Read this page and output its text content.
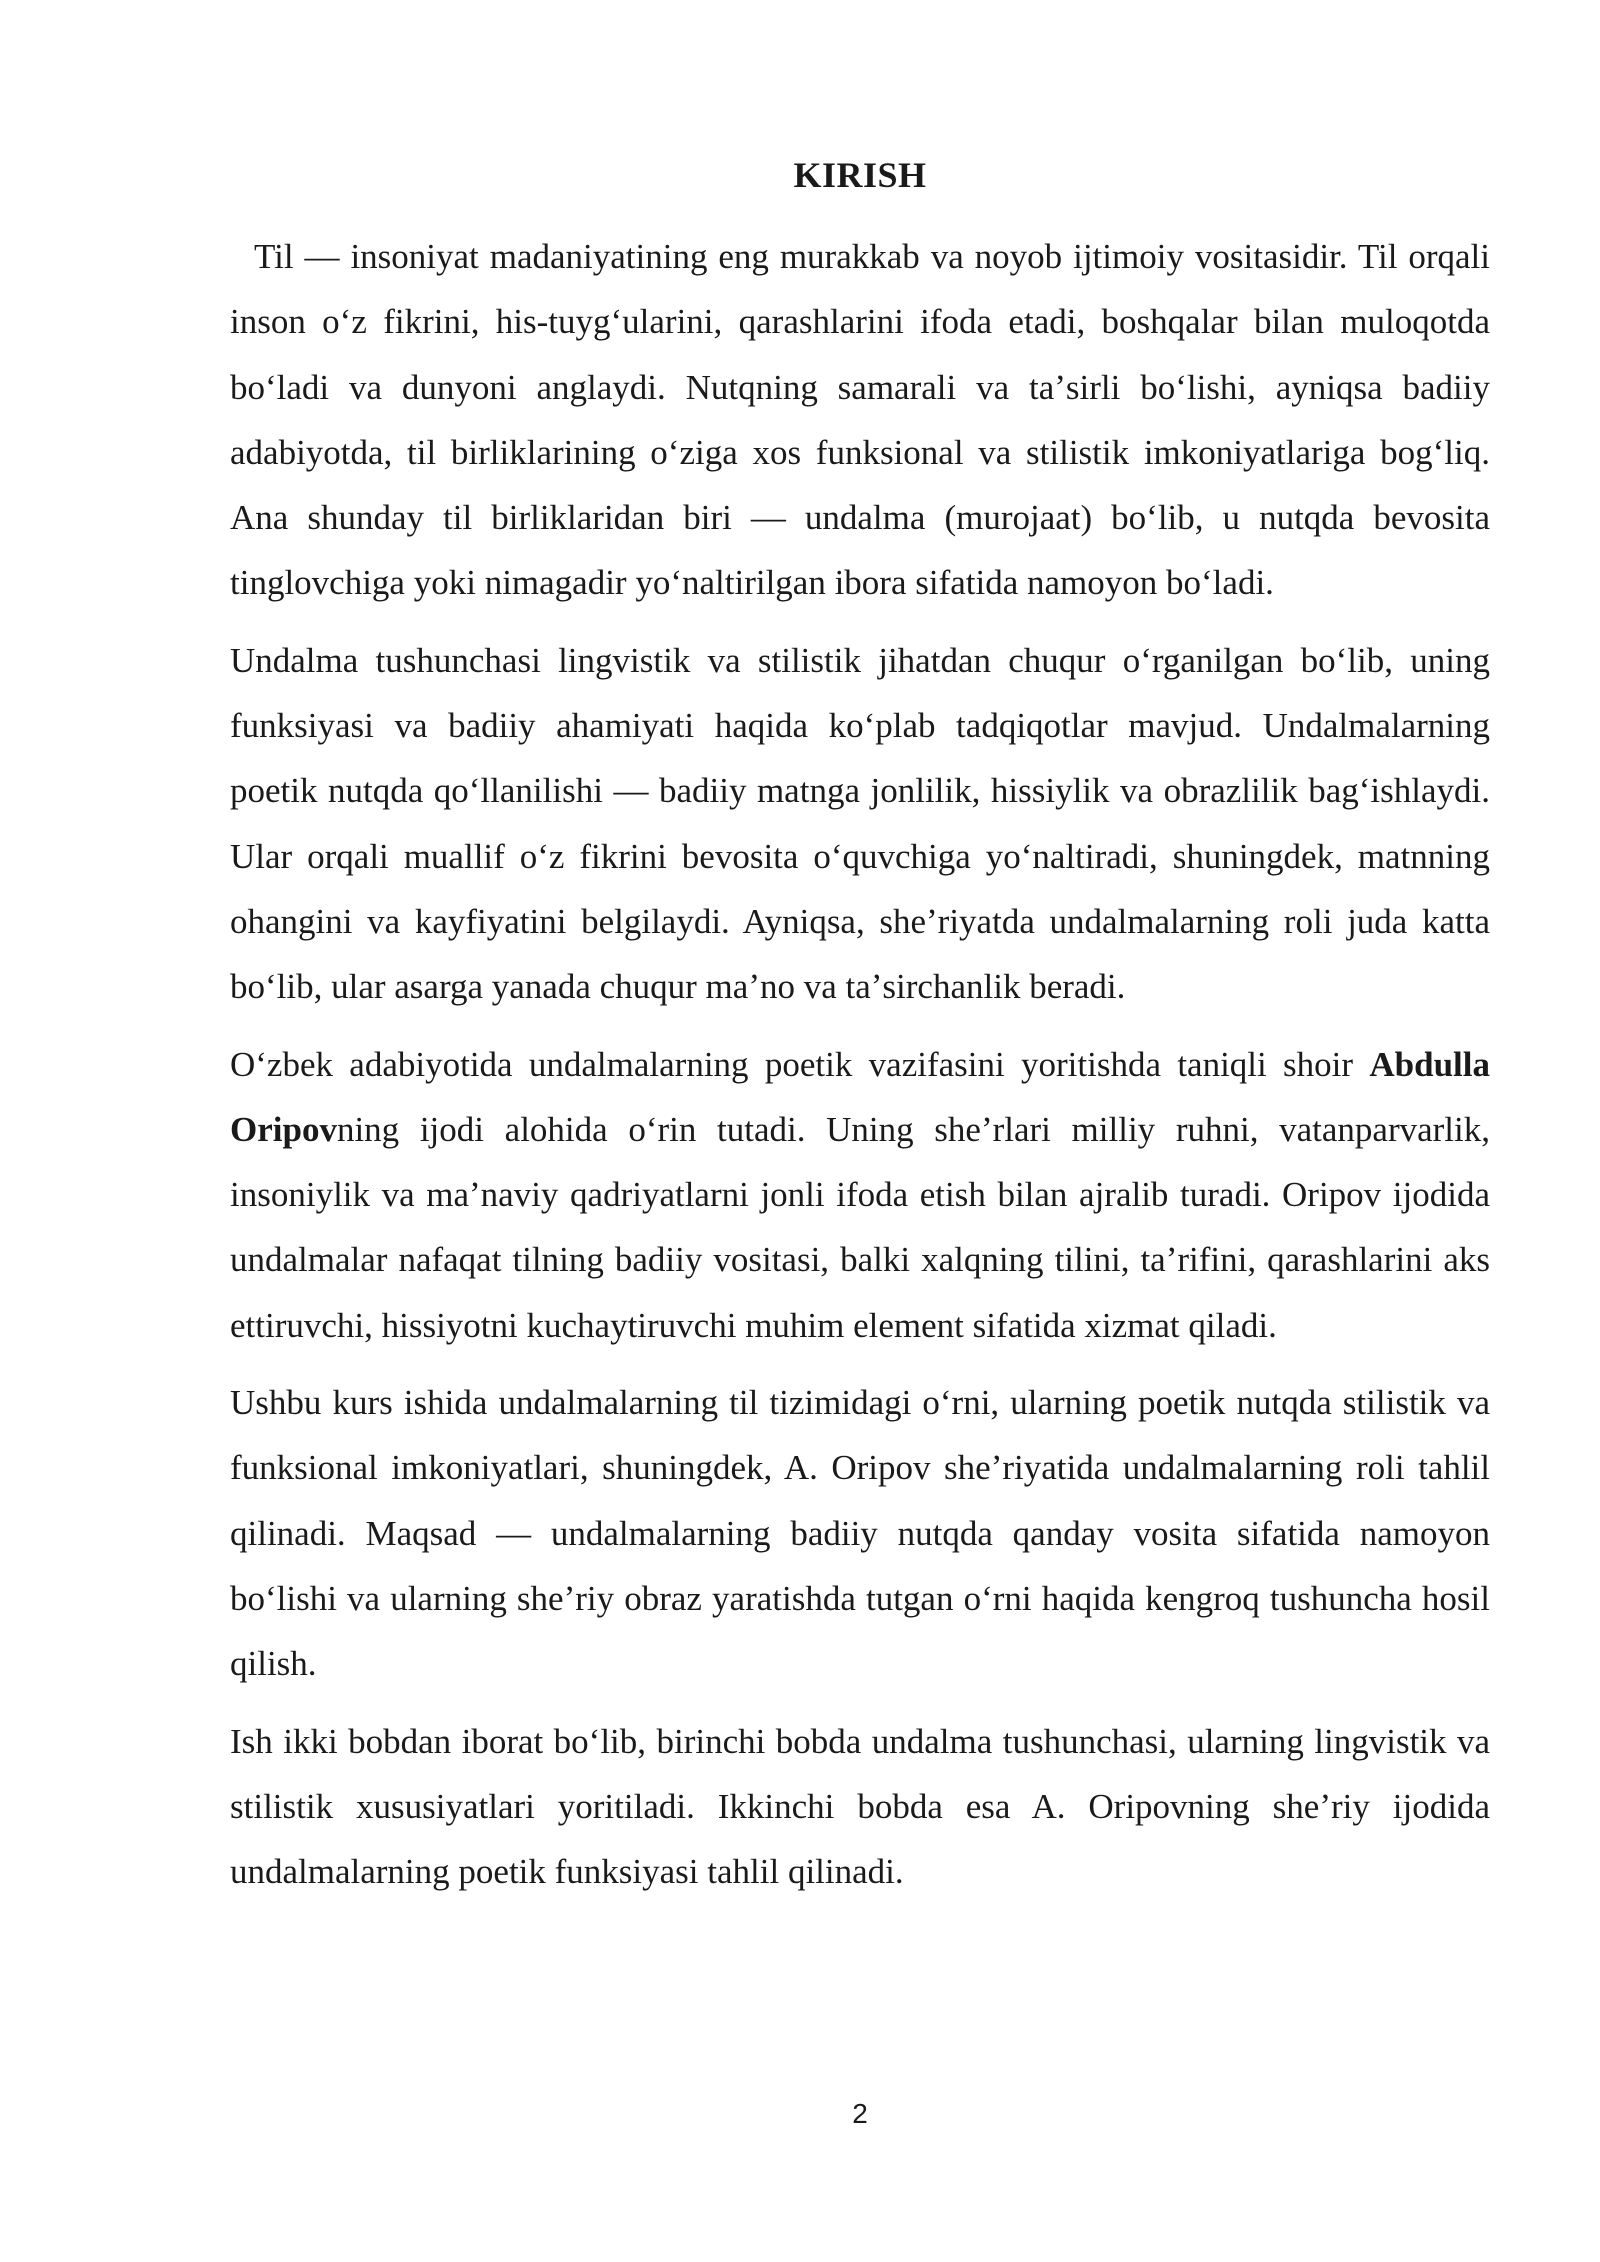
KIRISH

Til — insoniyat madaniyatining eng murakkab va noyob ijtimoiy vositasidir. Til orqali inson oʻz fikrini, his-tuygʻularini, qarashlarini ifoda etadi, boshqalar bilan muloqotda boʻladi va dunyoni anglaydi. Nutqning samarali va taʼsirli boʻlishi, ayniqsa badiiy adabiyotda, til birliklarining oʻziga xos funksional va stilistik imkoniyatlariga bogʻliq. Ana shunday til birliklaridan biri — undalma (murojaat) boʻlib, u nutqda bevosita tinglovchiga yoki nimagadir yoʻnaltirilgan ibora sifatida namoyon boʻladi.

Undalma tushunchasi lingvistik va stilistik jihatdan chuqur oʻrganilgan boʻlib, uning funksiyasi va badiiy ahamiyati haqida koʻplab tadqiqotlar mavjud. Undalmalarning poetik nutqda qoʻllanilishi — badiiy matnga jonlilik, hissiylik va obrazlilik bagʻishlaydi. Ular orqali muallif oʻz fikrini bevosita oʻquvchiga yoʻnaltiradi, shuningdek, matnning ohangini va kayfiyatini belgilaydi. Ayniqsa, sheʼriyatda undalmalarning roli juda katta boʻlib, ular asarga yanada chuqur maʼno va taʼsirchanlik beradi.

Oʻzbek adabiyotida undalmalarning poetik vazifasini yoritishda taniqli shoir Abdulla Oripovning ijodi alohida oʻrin tutadi. Uning sheʼrlari milliy ruhni, vatanparvarlik, insoniylik va maʼnaviy qadriyatlarni jonli ifoda etish bilan ajralib turadi. Oripov ijodida undalmalar nafaqat tilning badiiy vositasi, balki xalqning tilini, taʼrifini, qarashlarini aks ettiruvchi, hissiyotni kuchaytiruvchi muhim element sifatida xizmat qiladi.

Ushbu kurs ishida undalmalarning til tizimidagi oʻrni, ularning poetik nutqda stilistik va funksional imkoniyatlari, shuningdek, A. Oripov sheʼriyatida undalmalarning roli tahlil qilinadi. Maqsad — undalmalarning badiiy nutqda qanday vosita sifatida namoyon boʻlishi va ularning sheʼriy obraz yaratishda tutgan oʻrni haqida kengroq tushuncha hosil qilish.

Ish ikki bobdan iborat boʻlib, birinchi bobda undalma tushunchasi, ularning lingvistik va stilistik xususiyatlari yoritiladi. Ikkinchi bobda esa A. Oripovning sheʼriy ijodida undalmalarning poetik funksiyasi tahlil qilinadi.

2
